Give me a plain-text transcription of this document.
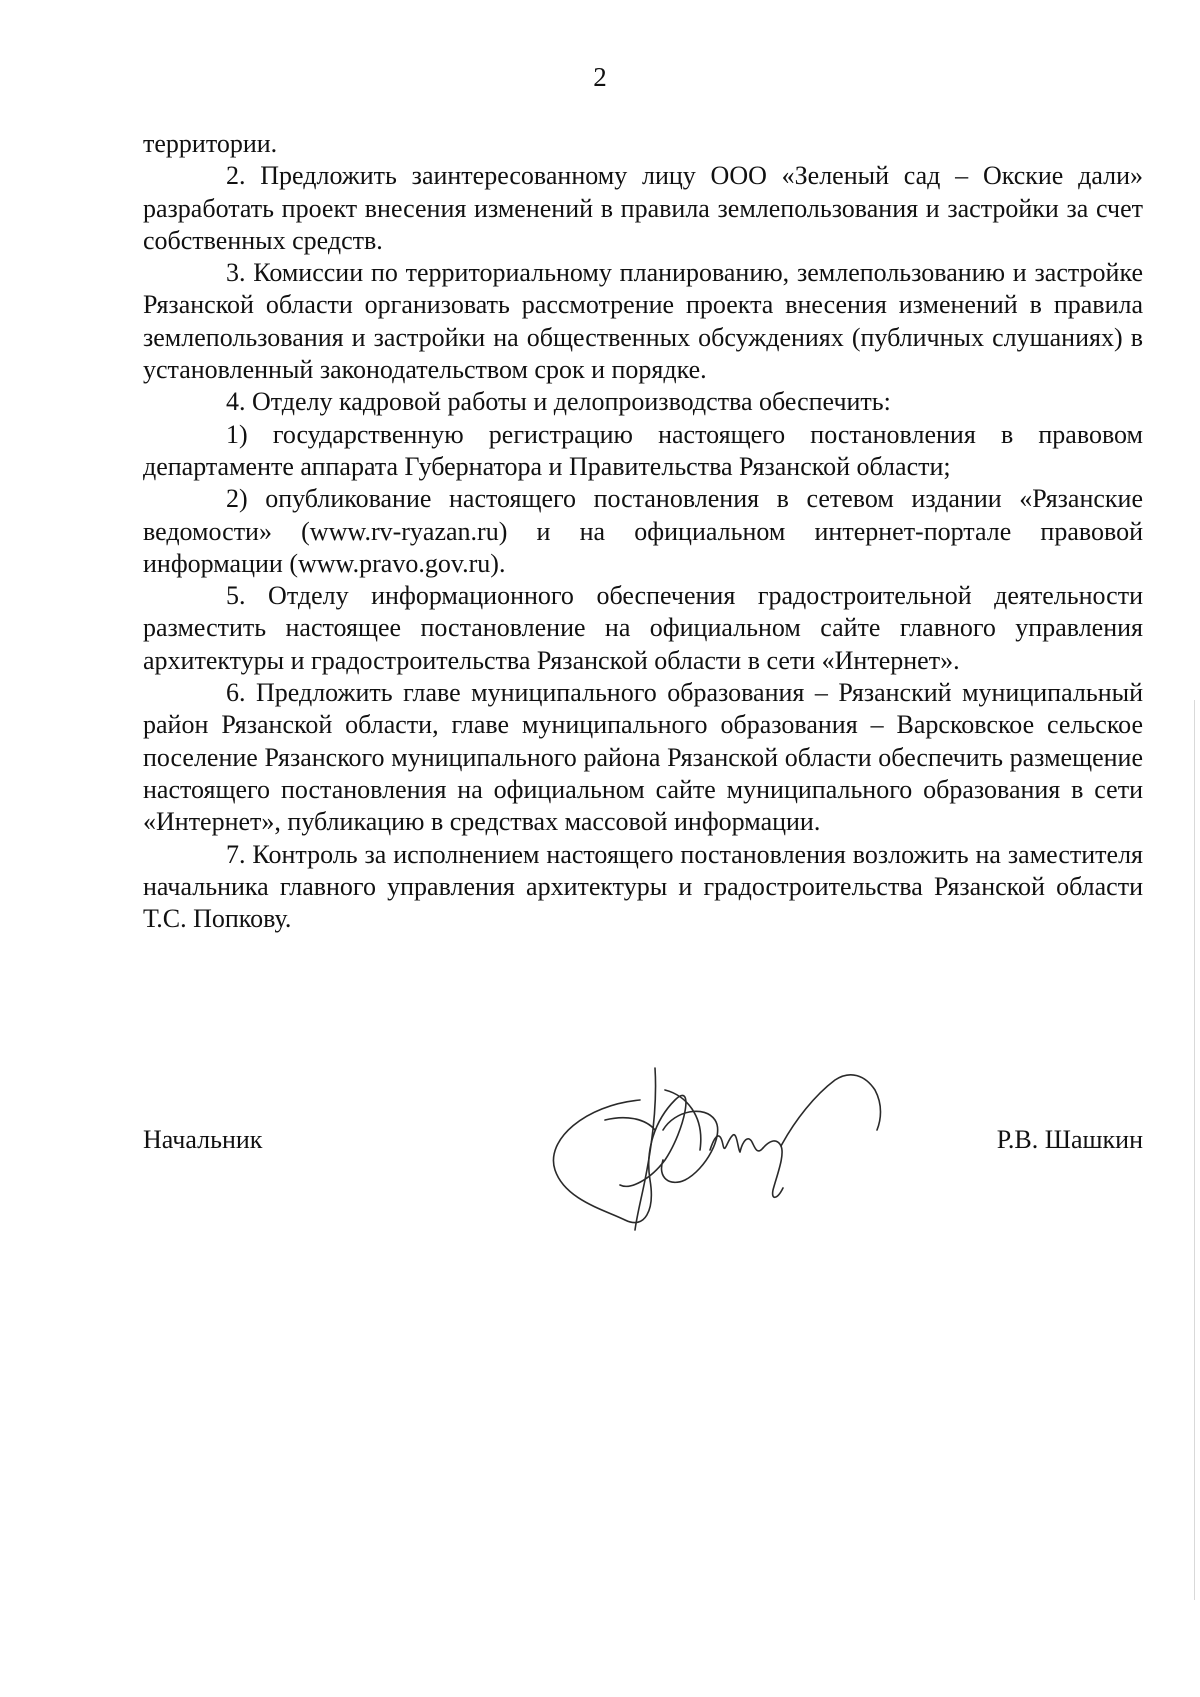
2

территории.

2. Предложить заинтересованному лицу ООО «Зеленый сад – Окские дали» разработать проект внесения изменений в правила землепользования и застройки за счет собственных средств.

3. Комиссии по территориальному планированию, землепользованию и застройке Рязанской области организовать рассмотрение проекта внесения изменений в правила землепользования и застройки на общественных обсуждениях (публичных слушаниях) в установленный законодательством срок и порядке.

4. Отделу кадровой работы и делопроизводства обеспечить:

1) государственную регистрацию настоящего постановления в правовом департаменте аппарата Губернатора и Правительства Рязанской области;

2) опубликование настоящего постановления в сетевом издании «Рязанские ведомости» (www.rv-ryazan.ru) и на официальном интернет-портале правовой информации (www.pravo.gov.ru).

5. Отделу информационного обеспечения градостроительной деятельности разместить настоящее постановление на официальном сайте главного управления архитектуры и градостроительства Рязанской области в сети «Интернет».

6. Предложить главе муниципального образования – Рязанский муниципальный район Рязанской области, главе муниципального образования – Варсковское сельское поселение Рязанского муниципального района Рязанской области обеспечить размещение настоящего постановления на официальном сайте муниципального образования в сети «Интернет», публикацию в средствах массовой информации.

7. Контроль за исполнением настоящего постановления возложить на заместителя начальника главного управления архитектуры и градостроительства Рязанской области Т.С. Попкову.

Начальник	Р.В. Шашкин
